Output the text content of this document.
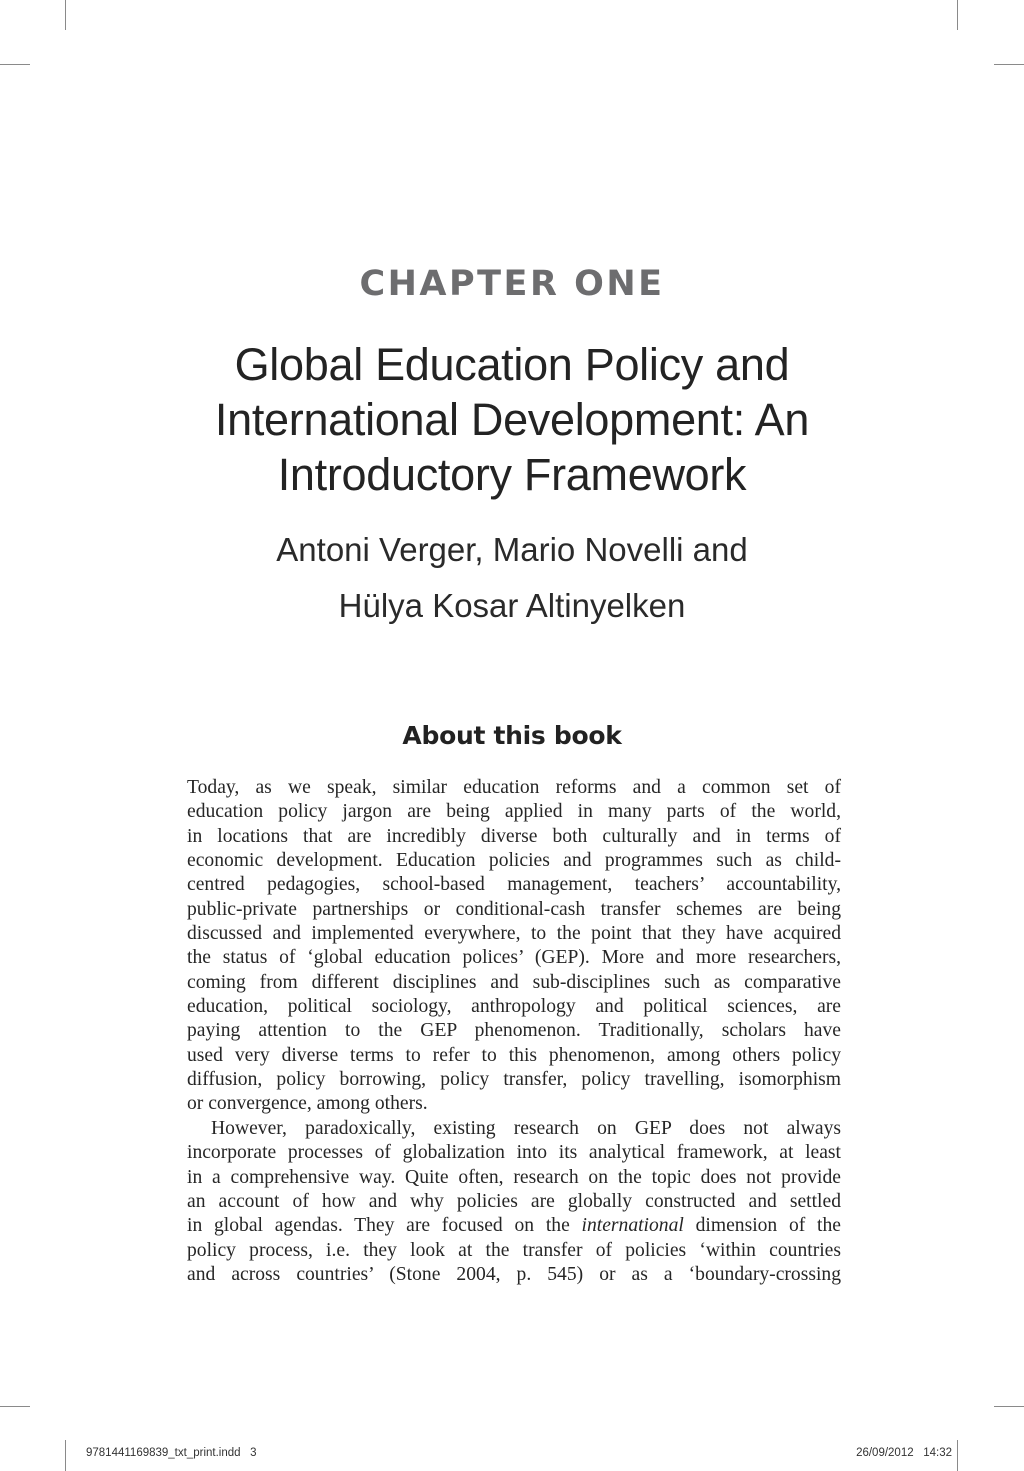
CHAPTER ONE
Global Education Policy and
International Development: An
Introductory Framework
Antoni Verger, Mario Novelli and
Hülya Kosar Altinyelken
About this book

Today, as we speak, similar education reforms and a common set of
education policy jargon are being applied in many parts of the world,
in locations that are incredibly diverse both culturally and in terms of
economic development. Education policies and programmes such as child-
centred pedagogies, school-based management, teachers’ accountability,
public-private partnerships or conditional-cash transfer schemes are being
discussed and implemented everywhere, to the point that they have acquired
the status of ‘global education polices’ (GEP). More and more researchers,
coming from different disciplines and sub-disciplines such as comparative
education, political sociology, anthropology and political sciences, are
paying attention to the GEP phenomenon. Traditionally, scholars have
used very diverse terms to refer to this phenomenon, among others policy
diffusion, policy borrowing, policy transfer, policy travelling, isomorphism
or convergence, among others.

However, paradoxically, existing research on GEP does not always
incorporate processes of globalization into its analytical framework, at least
in a comprehensive way. Quite often, research on the topic does not provide
an account of how and why policies are globally constructed and settled
in global agendas. They are focused on the international dimension of the
policy process, i.e. they look at the transfer of policies ‘within countries
and across countries’ (Stone 2004, p. 545) or as a ‘boundary-crossing

9781441169839_txt_print.indd   3	26/09/2012 14:32
